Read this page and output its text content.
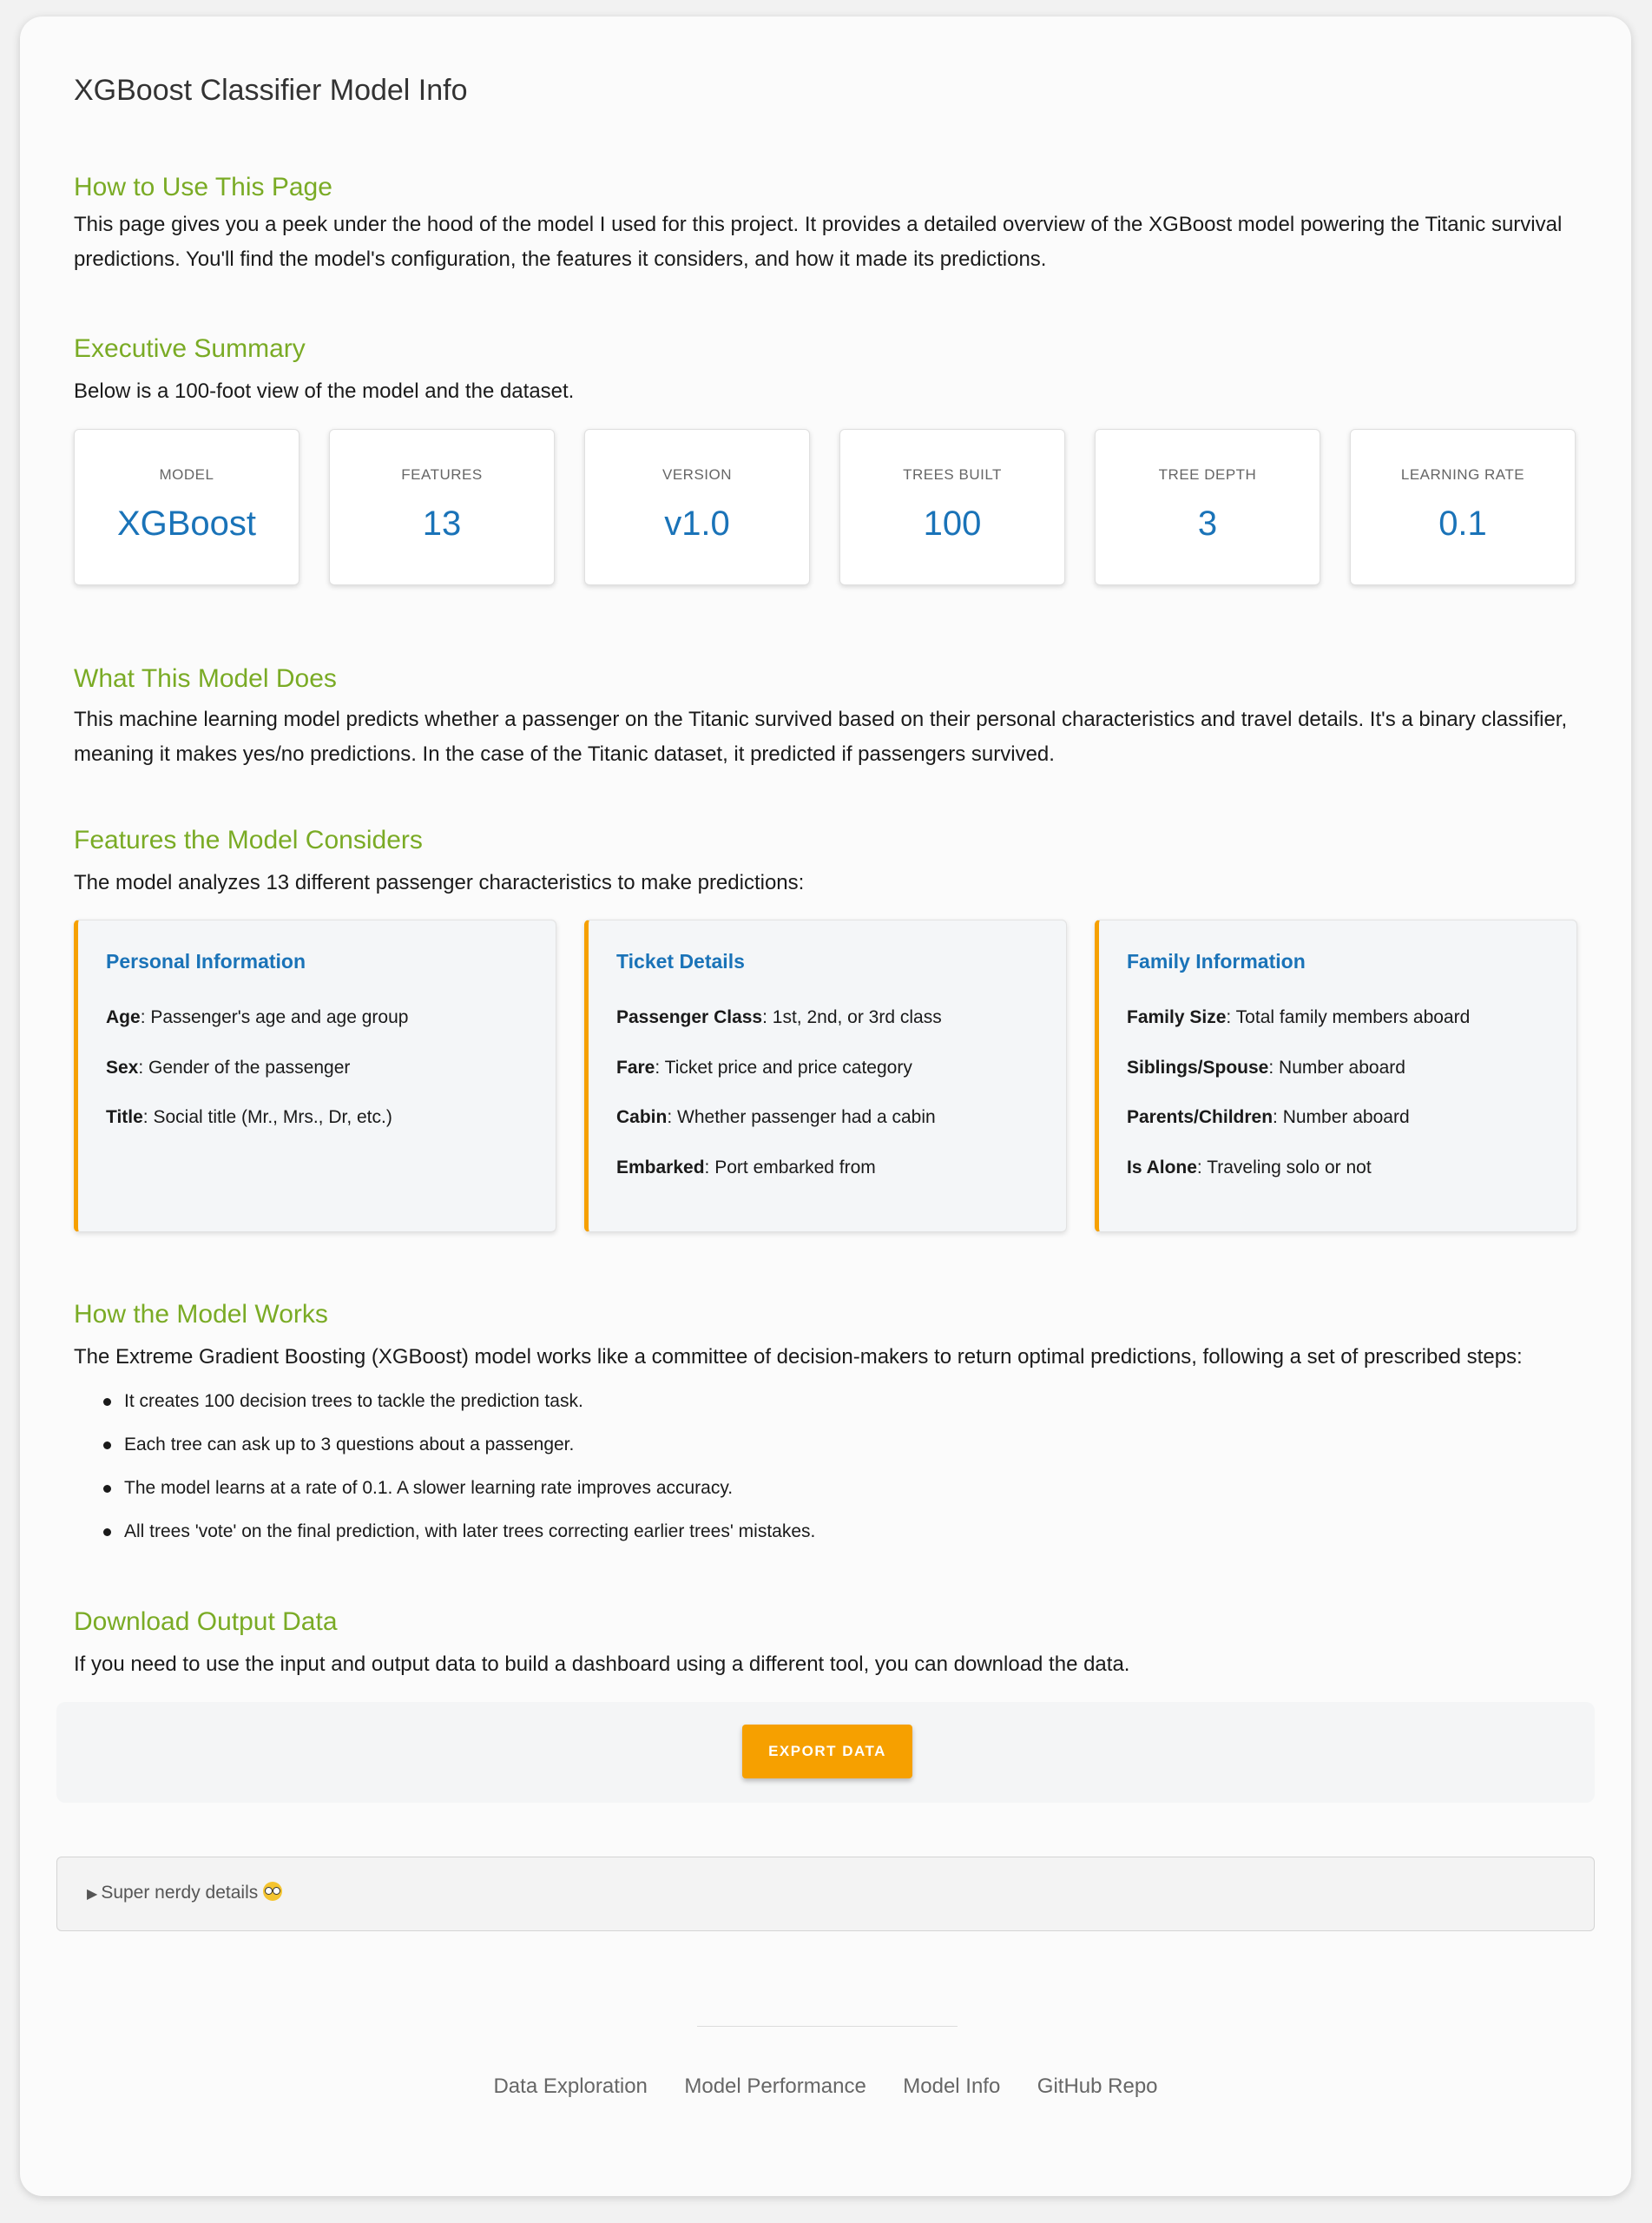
XGBoost Classifier Model Info
How to Use This Page

This page gives you a peek under the hood of the model I used for this project. It provides a detailed overview of the XGBoost model powering the Titanic survival predictions. You'll find the model's configuration, the features it considers, and how it made its predictions.

Executive Summary

Below is a 100-foot view of the model and the dataset.

MODEL
XGBoost
FEATURES
13
VERSION
v1.0
TREES BUILT
100
TREE DEPTH
3
LEARNING RATE
0.1
What This Model Does

This machine learning model predicts whether a passenger on the Titanic survived based on their personal characteristics and travel details. It's a binary classifier, meaning it makes yes/no predictions. In the case of the Titanic dataset, it predicted if passengers survived.

Features the Model Considers

The model analyzes 13 different passenger characteristics to make predictions:

Personal Information
Age: Passenger's age and age group
Sex: Gender of the passenger
Title: Social title (Mr., Mrs., Dr, etc.)
Ticket Details
Passenger Class: 1st, 2nd, or 3rd class
Fare: Ticket price and price category
Cabin: Whether passenger had a cabin
Embarked: Port embarked from
Family Information
Family Size: Total family members aboard
Siblings/Spouse: Number aboard
Parents/Children: Number aboard
Is Alone: Traveling solo or not
How the Model Works

The Extreme Gradient Boosting (XGBoost) model works like a committee of decision-makers to return optimal predictions, following a set of prescribed steps:

It creates 100 decision trees to tackle the prediction task.
Each tree can ask up to 3 questions about a passenger.
The model learns at a rate of 0.1. A slower learning rate improves accuracy.
All trees 'vote' on the final prediction, with later trees correcting earlier trees' mistakes.
Download Output Data

If you need to use the input and output data to build a dashboard using a different tool, you can download the data.

EXPORT DATA
▶ Super nerdy details
Data Exploration Model Performance Model Info GitHub Repo
